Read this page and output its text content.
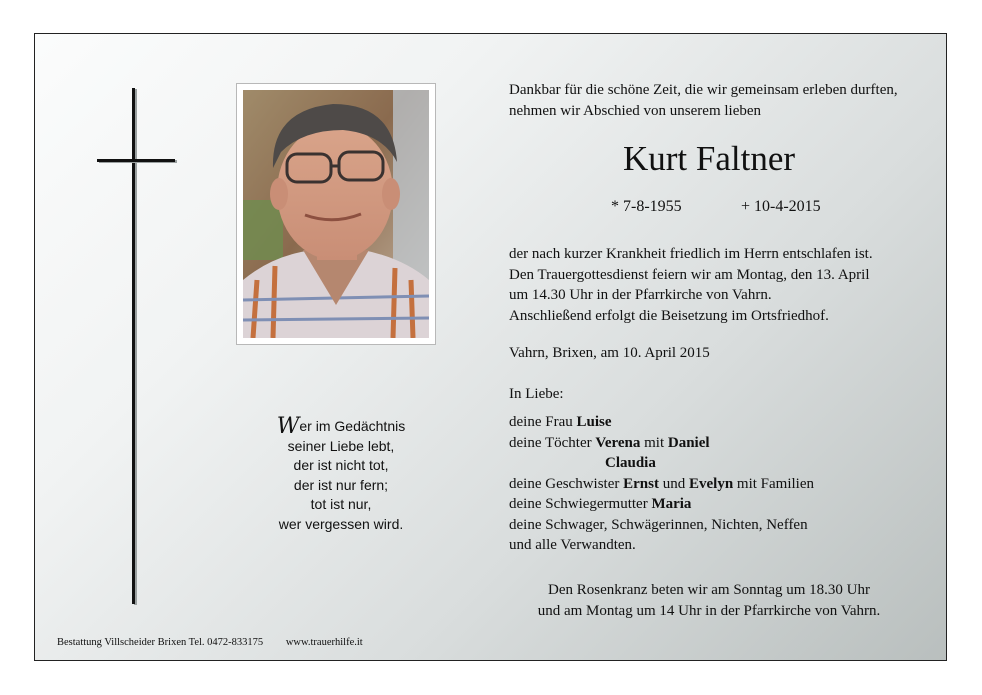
Wer im Gedächtnis
seiner Liebe lebt,
der ist nicht tot,
der ist nur fern;
tot ist nur,
wer vergessen wird.
Dankbar für die schöne Zeit, die wir gemeinsam erleben durften,
nehmen wir Abschied von unserem lieben
Kurt Faltner
* 7-8-1955	+ 10-4-2015
der nach kurzer Krankheit friedlich im Herrn entschlafen ist.
Den Trauergottesdienst feiern wir am Montag, den 13. April
um 14.30 Uhr in der Pfarrkirche von Vahrn.
Anschließend erfolgt die Beisetzung im Ortsfriedhof.
Vahrn, Brixen, am 10. April 2015
In Liebe:
deine Frau Luise
deine Töchter Verena mit Daniel
Claudia
deine Geschwister Ernst und Evelyn mit Familien
deine Schwiegermutter Maria
deine Schwager, Schwägerinnen, Nichten, Neffen
und alle Verwandten.
Den Rosenkranz beten wir am Sonntag um 18.30 Uhr
und am Montag um 14 Uhr in der Pfarrkirche von Vahrn.
Bestattung Villscheider Brixen Tel. 0472-833175 www.trauerhilfe.it
